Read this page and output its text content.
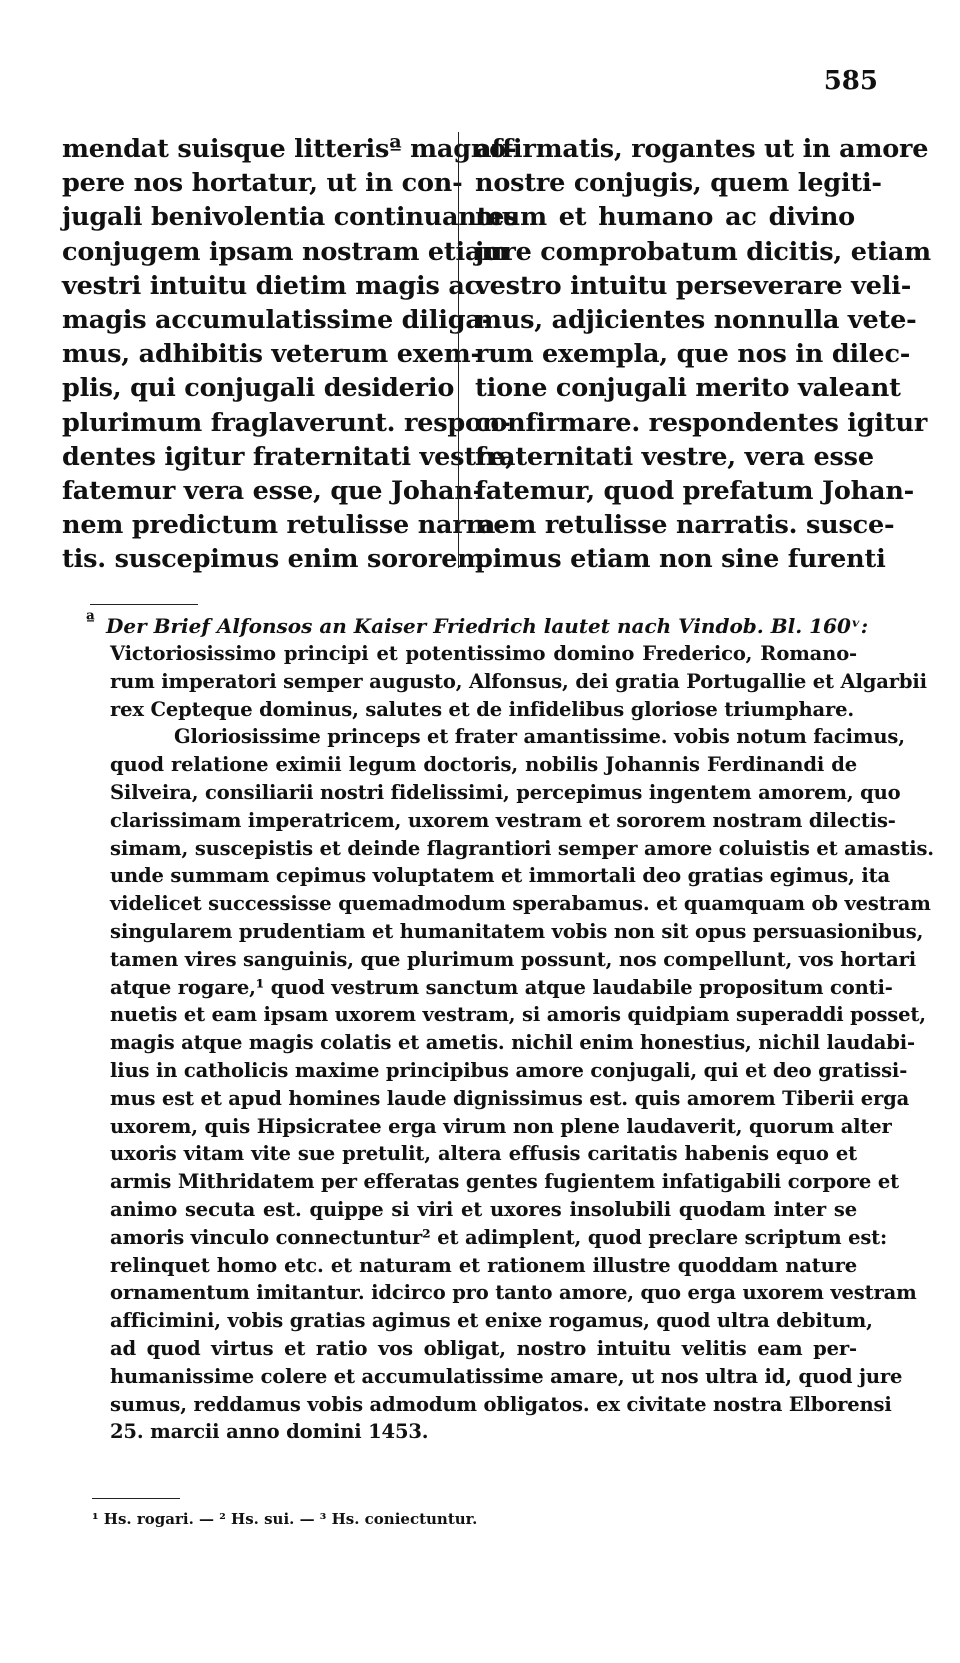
585
mendat suisque litterisª magno-
pere nos hortatur, ut in con-
jugali benivolentia continuantes
conjugem ipsam nostram etiam
vestri intuitu dietim magis ac
magis accumulatissime diliga-
mus, adhibitis veterum exem-
plis, qui conjugali desiderio
plurimum fraglaverunt. respon-
dentes igitur fraternitati vestre,
fatemur vera esse, que Johan-
nem predictum retulisse narra-
tis. suscepimus enim sororem
affirmatis, rogantes ut in amore
nostre conjugis, quem legiti-
mum et humano ac divino
jure comprobatum dicitis, etiam
vestro intuitu perseverare veli-
mus, adjicientes nonnulla vete-
rum exempla, que nos in dilec-
tione conjugali merito valeant
confirmare. respondentes igitur
fraternitati vestre, vera esse
fatemur, quod prefatum Johan-
nem retulisse narratis. susce-
pimus etiam non sine furenti
Der Brief Alfonsos an Kaiser Friedrich lautet nach Vindob. Bl. 160ᵛ:
ª
Victoriosissimo principi et potentissimo domino Frederico, Romano-
rum imperatori semper augusto, Alfonsus, dei gratia Portugallie et Algarbii
rex Cepteque dominus, salutes et de infidelibus gloriose triumphare.
Gloriosissime princeps et frater amantissime. vobis notum facimus,
quod relatione eximii legum doctoris, nobilis Johannis Ferdinandi de
Silveira, consiliarii nostri fidelissimi, percepimus ingentem amorem, quo
clarissimam imperatricem, uxorem vestram et sororem nostram dilectis-
simam, suscepistis et deinde flagrantiori semper amore coluistis et amastis.
unde summam cepimus voluptatem et immortali deo gratias egimus, ita
videlicet successisse quemadmodum sperabamus. et quamquam ob vestram
singularem prudentiam et humanitatem vobis non sit opus persuasionibus,
tamen vires sanguinis, que plurimum possunt, nos compellunt, vos hortari
atque rogare,¹ quod vestrum sanctum atque laudabile propositum conti-
nuetis et eam ipsam uxorem vestram, si amoris quidpiam superaddi posset,
magis atque magis colatis et ametis. nichil enim honestius, nichil laudabi-
lius in catholicis maxime principibus amore conjugali, qui et deo gratissi-
mus est et apud homines laude dignissimus est. quis amorem Tiberii erga
uxorem, quis Hipsicratee erga virum non plene laudaverit, quorum alter
uxoris vitam vite sue pretulit, altera effusis caritatis habenis equo et
armis Mithridatem per efferatas gentes fugientem infatigabili corpore et
animo secuta est. quippe si viri et uxores insolubili quodam inter se
amoris vinculo connectuntur² et adimplent, quod preclare scriptum est:
relinquet homo etc. et naturam et rationem illustre quoddam nature
ornamentum imitantur. idcirco pro tanto amore, quo erga uxorem vestram
afficimini, vobis gratias agimus et enixe rogamus, quod ultra debitum,
ad quod virtus et ratio vos obligat, nostro intuitu velitis eam per-
humanissime colere et accumulatissime amare, ut nos ultra id, quod jure
sumus, reddamus vobis admodum obligatos. ex civitate nostra Elborensi
25. marcii anno domini 1453.
¹ Hs. rogari. — ² Hs. sui. — ³ Hs. coniectuntur.
